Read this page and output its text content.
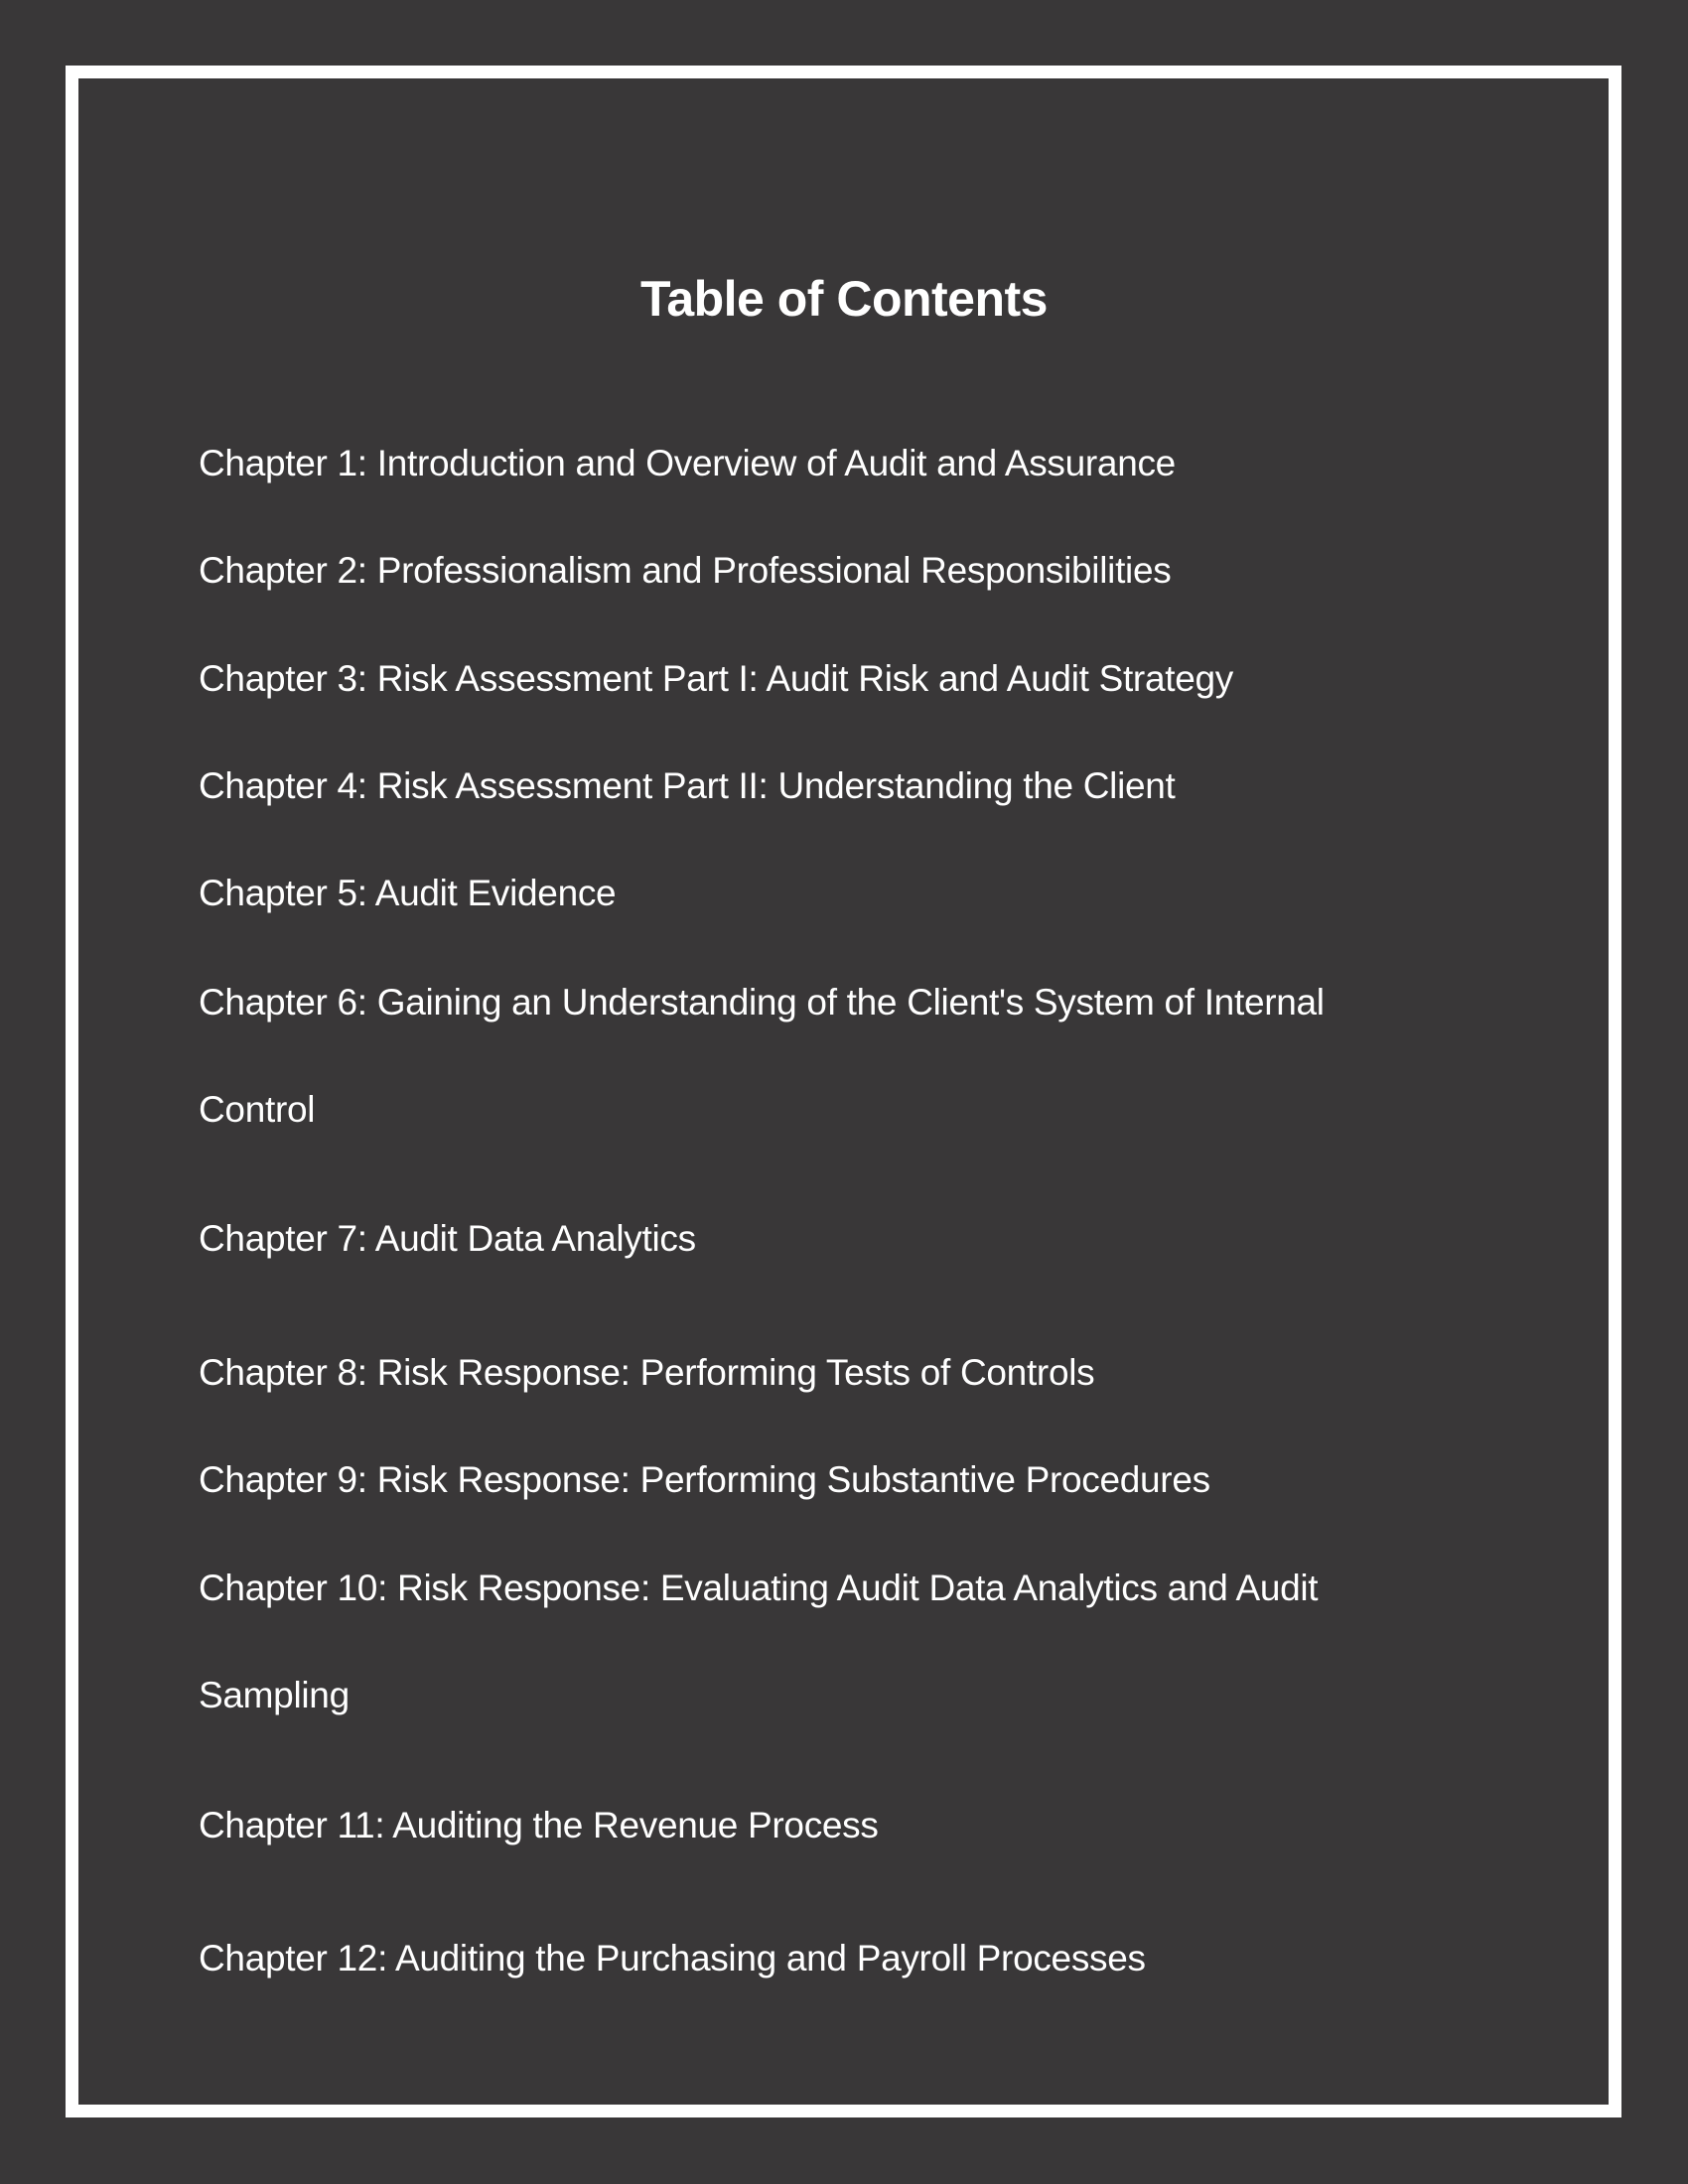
Table of Contents
Chapter 1: Introduction and Overview of Audit and Assurance
Chapter 2: Professionalism and Professional Responsibilities
Chapter 3: Risk Assessment Part I: Audit Risk and Audit Strategy
Chapter 4: Risk Assessment Part II: Understanding the Client
Chapter 5: Audit Evidence
Chapter 6: Gaining an Understanding of the Client's System of Internal
Control
Chapter 7: Audit Data Analytics
Chapter 8: Risk Response: Performing Tests of Controls
Chapter 9: Risk Response: Performing Substantive Procedures
Chapter 10: Risk Response: Evaluating Audit Data Analytics and Audit
Sampling
Chapter 11: Auditing the Revenue Process
Chapter 12: Auditing the Purchasing and Payroll Processes
